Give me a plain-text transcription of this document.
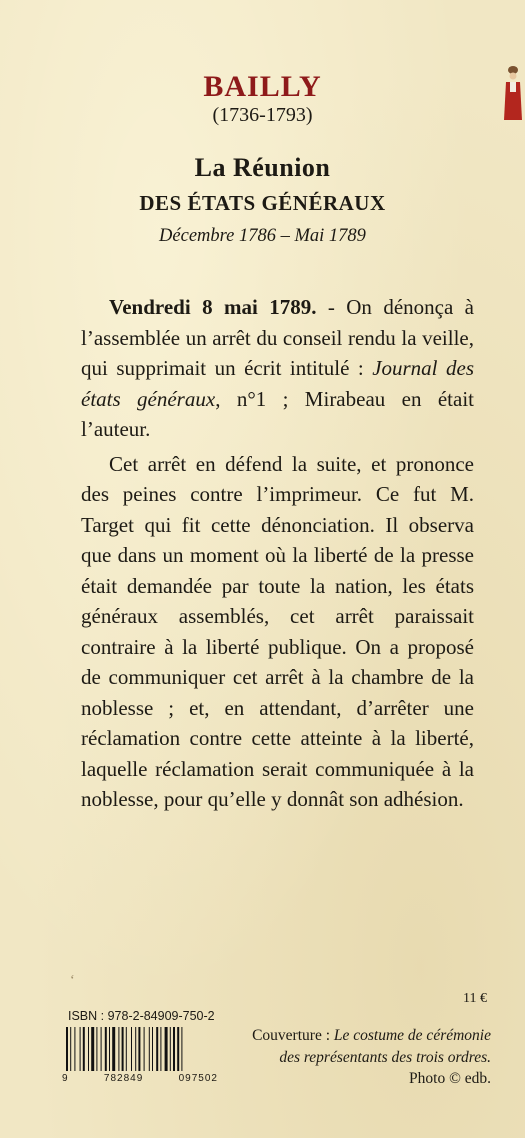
BAILLY
(1736-1793)
La Réunion
DES ÉTATS GÉNÉRAUX
Décembre 1786 – Mai 1789

Vendredi 8 mai 1789. - On dénonça à l’assemblée un arrêt du conseil rendu la veille, qui supprimait un écrit intitulé : Journal des états généraux, n°1 ; Mirabeau en était l’auteur.

Cet arrêt en défend la suite, et prononce des peines contre l’imprimeur. Ce fut M. Target qui fit cette dénonciation. Il observa que dans un moment où la liberté de la presse était demandée par toute la nation, les états généraux assemblés, cet arrêt paraissait contraire à la liberté publique. On a proposé de communiquer cet arrêt à la chambre de la noblesse ; et, en attendant, d’arrêter une réclamation contre cette atteinte à la liberté, laquelle réclamation serait communiquée à la noblesse, pour qu’elle y donnât son adhésion.

‘
11 €
ISBN : 978-2-84909-750-2
9	782849	097502
Couverture : Le costume de cérémonie
des représentants des trois ordres.
Photo © edb.
